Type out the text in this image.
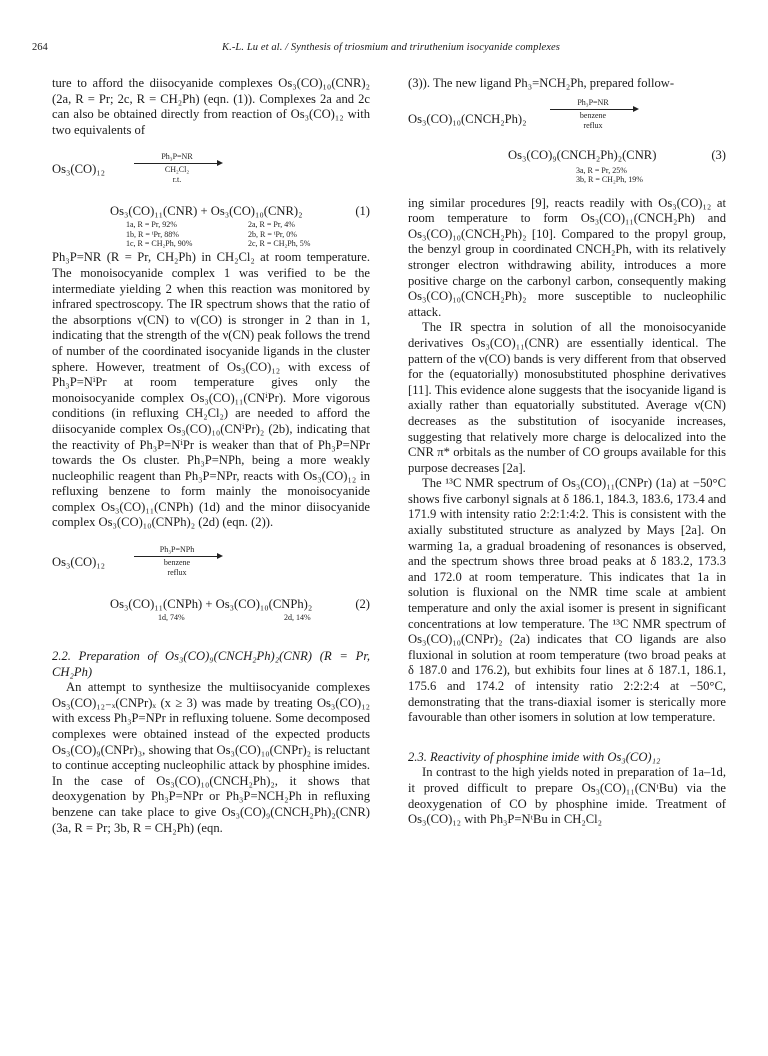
264	K.-L. Lu et al. / Synthesis of triosmium and triruthenium isocyanide complexes

ture to afford the diisocyanide complexes Os₃(CO)₁₀(CNR)₂ (2a, R = Pr; 2c, R = CH₂Ph) (eqn. (1)). Complexes 2a and 2c can also be obtained directly from reaction of Os₃(CO)₁₂ with two equivalents of

Os₃(CO)₁₂
Ph₃P=NR
CH₂Cl₂
r.t.
Os₃(CO)₁₁(CNR) + Os₃(CO)₁₀(CNR)₂	(1)
1a, R = Pr, 92%
1b, R = ⁱPr, 88%
1c, R = CH₂Ph, 90%
2a, R = Pr, 4%
2b, R = ⁱPr, 0%
2c, R = CH₂Ph, 5%

Ph₃P=NR (R = Pr, CH₂Ph) in CH₂Cl₂ at room temperature. The monoisocyanide complex 1 was verified to be the intermediate yielding 2 when this reaction was monitored by infrared spectroscopy. The IR spectrum shows that the ratio of the absorptions ν(CN) to ν(CO) is stronger in 2 than in 1, indicating that the strength of the ν(CN) peak follows the trend of number of the coordinated isocyanide ligands in the cluster sphere. However, treatment of Os₃(CO)₁₂ with excess of Ph₃P=NⁱPr at room temperature gives only the monoisocyanide complex Os₃(CO)₁₁(CNⁱPr). More vigorous conditions (in refluxing CH₂Cl₂) are needed to afford the diisocyanide complex Os₃(CO)₁₀(CNⁱPr)₂ (2b), indicating that the reactivity of Ph₃P=NⁱPr is weaker than that of Ph₃P=NPr towards the Os cluster. Ph₃P=NPh, being a more weakly nucleophilic reagent than Ph₃P=NPr, reacts with Os₃(CO)₁₂ in refluxing benzene to form mainly the monoisocyanide complex Os₃(CO)₁₁(CNPh) (1d) and the minor diisocyanide complex Os₃(CO)₁₀(CNPh)₂ (2d) (eqn. (2)).

Os₃(CO)₁₂
Ph₃P=NPh
benzene
reflux
Os₃(CO)₁₁(CNPh) + Os₃(CO)₁₀(CNPh)₂	(2)
1d, 74%	2d, 14%

2.2. Preparation of Os₃(CO)₉(CNCH₂Ph)₂(CNR) (R = Pr, CH₂Ph)

An attempt to synthesize the multiisocyanide complexes Os₃(CO)₁₂₋ₓ(CNPr)ₓ (x ≥ 3) was made by treating Os₃(CO)₁₂ with excess Ph₃P=NPr in refluxing toluene. Some decomposed complexes were obtained instead of the expected products Os₃(CO)₉(CNPr)₃, showing that Os₃(CO)₁₀(CNPr)₂ is reluctant to continue accepting nucleophilic attack by phosphine imides. In the case of Os₃(CO)₁₀(CNCH₂Ph)₂, it shows that deoxygenation by Ph₃P=NPr or Ph₃P=NCH₂Ph in refluxing benzene can take place to give Os₃(CO)₉(CNCH₂Ph)₂(CNR) (3a, R = Pr; 3b, R = CH₂Ph) (eqn.

(3)). The new ligand Ph₃=NCH₂Ph, prepared follow-

Os₃(CO)₁₀(CNCH₂Ph)₂
Ph₃P=NR
benzene
reflux
Os₃(CO)₉(CNCH₂Ph)₂(CNR)	(3)
3a, R = Pr, 25%
3b, R = CH₂Ph, 19%

ing similar procedures [9], reacts readily with Os₃(CO)₁₂ at room temperature to form Os₃(CO)₁₁(CNCH₂Ph) and Os₃(CO)₁₀(CNCH₂Ph)₂ [10]. Compared to the propyl group, the benzyl group in coordinated CNCH₂Ph, with its relatively stronger electron withdrawing ability, introduces a more positive charge on the carbonyl carbon, consequently making Os₃(CO)₁₀(CNCH₂Ph)₂ more susceptible to nucleophilic attack.

The IR spectra in solution of all the monoisocyanide derivatives Os₃(CO)₁₁(CNR) are essentially identical. The pattern of the ν(CO) bands is very different from that observed for the (equatorially) monosubstituted phosphine derivatives [11]. This evidence alone suggests that the isocyanide ligand is axially rather than equatorially substituted. Average ν(CN) decreases as the substitution of isocyanide increases, suggesting that relatively more charge is delocalized into the CNR π* orbitals as the number of CO groups available for this purpose decreases [2a].

The ¹³C NMR spectrum of Os₃(CO)₁₁(CNPr) (1a) at −50°C shows five carbonyl signals at δ 186.1, 184.3, 183.6, 173.4 and 171.9 with intensity ratio 2:2:1:4:2. This is consistent with the axially substituted structure as analyzed by Mays [2a]. On warming 1a, a gradual broadening of resonances is observed, and the spectrum shows three broad peaks at δ 183.2, 173.3 and 172.0 at room temperature. This indicates that 1a in solution is fluxional on the NMR time scale at ambient temperature and only the axial isomer is present in significant concentrations at low temperature. The ¹³C NMR spectrum of Os₃(CO)₁₀(CNPr)₂ (2a) indicates that CO ligands are also fluxional in solution at room temperature (two broad peaks at δ 187.0 and 176.2), but exhibits four lines at δ 187.1, 186.1, 175.6 and 174.2 of intensity ratio 2:2:2:4 at −50°C, demonstrating that the trans-diaxial isomer is sterically more favourable than other isomers in solution at low temperature.

2.3. Reactivity of phosphine imide with Os₃(CO)₁₂

In contrast to the high yields noted in preparation of 1a–1d, it proved difficult to prepare Os₃(CO)₁₁(CNᵗBu) via the deoxygenation of CO by phosphine imide. Treatment of Os₃(CO)₁₂ with Ph₃P=NᵗBu in CH₂Cl₂
